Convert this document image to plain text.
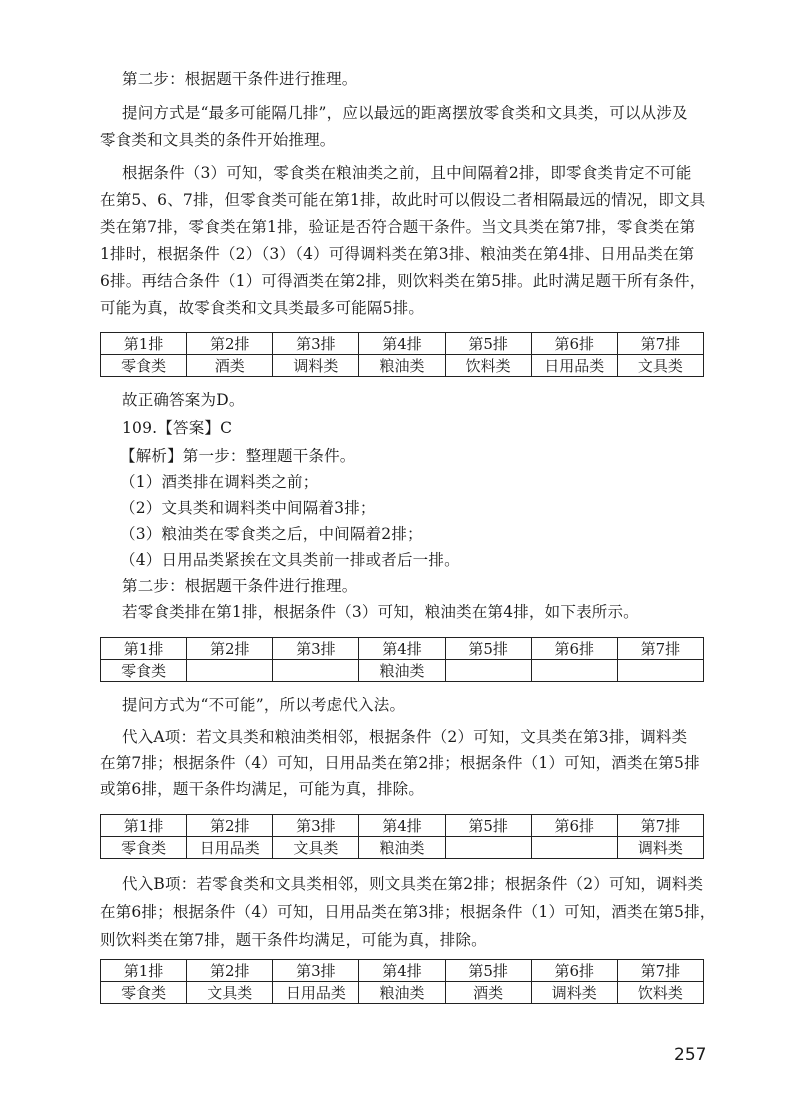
第二步：根据题干条件进行推理。
提问方式是“最多可能隔几排”，应以最远的距离摆放零食类和文具类，可以从涉及
零食类和文具类的条件开始推理。
根据条件（3）可知，零食类在粮油类之前，且中间隔着2排，即零食类肯定不可能
在第5、6、7排，但零食类可能在第1排，故此时可以假设二者相隔最远的情况，即文具
类在第7排，零食类在第1排，验证是否符合题干条件。当文具类在第7排，零食类在第
1排时，根据条件（2）（3）（4）可得调料类在第3排、粮油类在第4排、日用品类在第
6排。再结合条件（1）可得酒类在第2排，则饮料类在第5排。此时满足题干所有条件，
可能为真，故零食类和文具类最多可能隔5排。
第1排	第2排	第3排	第4排	第5排	第6排	第7排
零食类	酒类	调料类	粮油类	饮料类	日用品类	文具类
故正确答案为D。
109.【答案】C
【解析】第一步：整理题干条件。
（1）酒类排在调料类之前；
（2）文具类和调料类中间隔着3排；
（3）粮油类在零食类之后，中间隔着2排；
（4）日用品类紧挨在文具类前一排或者后一排。
第二步：根据题干条件进行推理。
若零食类排在第1排，根据条件（3）可知，粮油类在第4排，如下表所示。
第1排	第2排	第3排	第4排	第5排	第6排	第7排
零食类			粮油类			
提问方式为“不可能”，所以考虑代入法。
代入A项：若文具类和粮油类相邻，根据条件（2）可知，文具类在第3排，调料类
在第7排；根据条件（4）可知，日用品类在第2排；根据条件（1）可知，酒类在第5排
或第6排，题干条件均满足，可能为真，排除。
第1排	第2排	第3排	第4排	第5排	第6排	第7排
零食类	日用品类	文具类	粮油类			调料类
代入B项：若零食类和文具类相邻，则文具类在第2排；根据条件（2）可知，调料类
在第6排；根据条件（4）可知，日用品类在第3排；根据条件（1）可知，酒类在第5排，
则饮料类在第7排，题干条件均满足，可能为真，排除。
第1排	第2排	第3排	第4排	第5排	第6排	第7排
零食类	文具类	日用品类	粮油类	酒类	调料类	饮料类
257
